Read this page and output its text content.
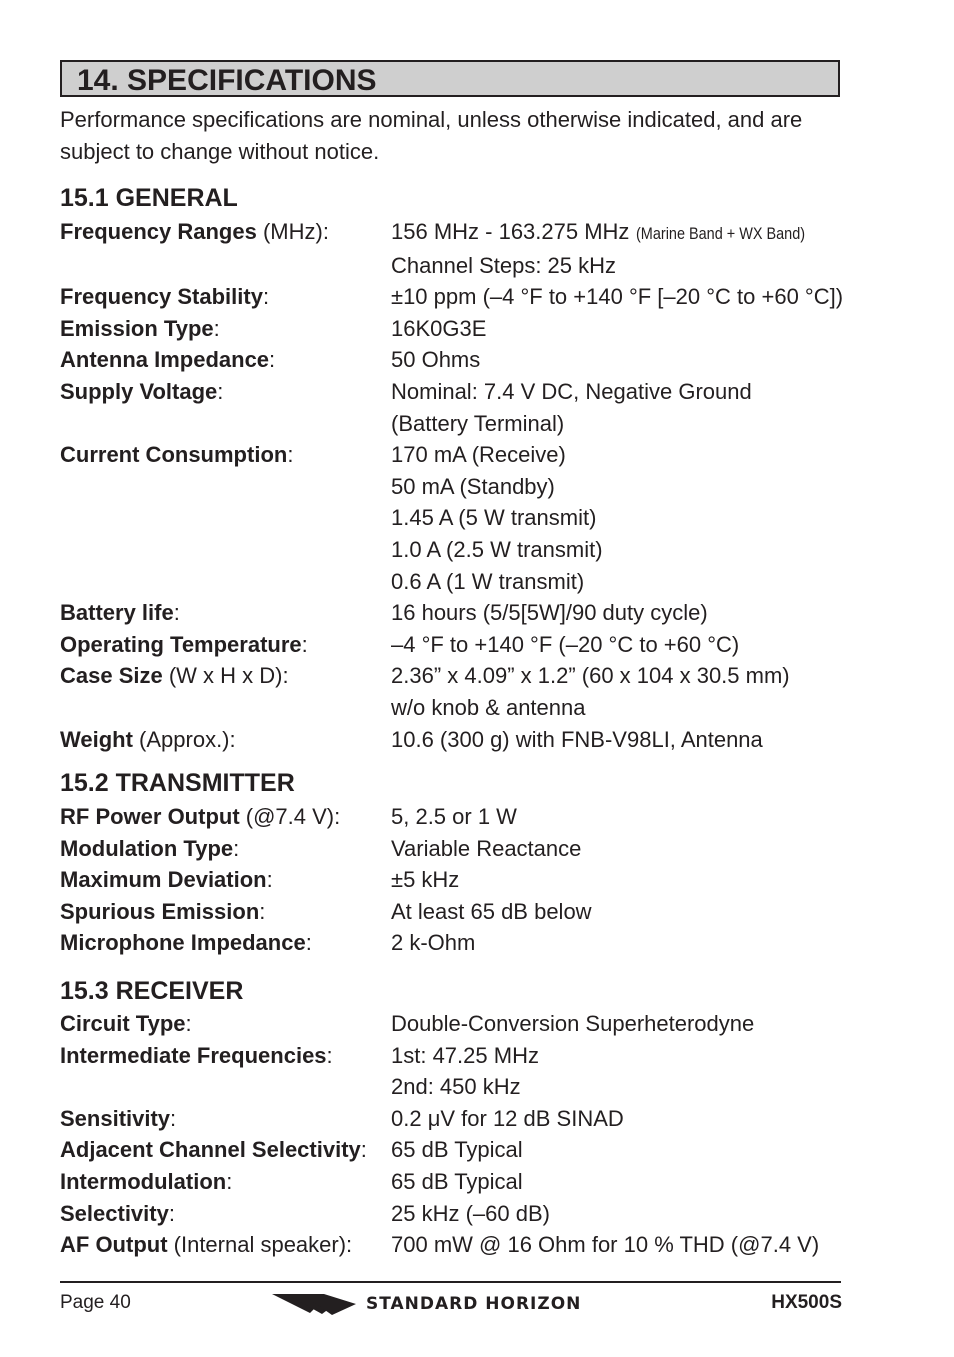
14. SPECIFICATIONS
Performance specifications are nominal, unless otherwise indicated, and are subject to change without notice.
15.1 GENERAL
Frequency Ranges (MHz):	156 MHz - 163.275 MHz (Marine Band + WX Band)
Channel Steps: 25 kHz
Frequency Stability:	±10 ppm (–4 °F to +140 °F [–20 °C to +60 °C])
Emission Type:	16K0G3E
Antenna Impedance:	50 Ohms
Supply Voltage:	Nominal: 7.4 V DC, Negative Ground
(Battery Terminal)
Current Consumption:	170 mA (Receive)
50 mA (Standby)
1.45 A (5 W transmit)
1.0 A (2.5 W transmit)
0.6 A (1 W transmit)
Battery life:	16 hours (5/5[5W]/90 duty cycle)
Operating Temperature:	–4 °F to +140 °F (–20 °C to +60 °C)
Case Size (W x H x D):	2.36” x 4.09” x 1.2” (60 x 104 x 30.5 mm)
w/o knob & antenna
Weight (Approx.):	10.6 (300 g) with FNB-V98LI, Antenna
15.2 TRANSMITTER
RF Power Output (@7.4 V):	5, 2.5 or 1 W
Modulation Type:	Variable Reactance
Maximum Deviation:	±5 kHz
Spurious Emission:	At least 65 dB below
Microphone Impedance:	2 k-Ohm
15.3 RECEIVER
Circuit Type:	Double-Conversion Superheterodyne
Intermediate Frequencies:	1st: 47.25 MHz
2nd: 450 kHz
Sensitivity:	0.2 μV for 12 dB SINAD
Adjacent Channel Selectivity:	65 dB Typical
Intermodulation:	65 dB Typical
Selectivity:	25 kHz (–60 dB)
AF Output (Internal speaker):	700 mW @ 16 Ohm for 10 % THD (@7.4 V)
Page 40	STANDARD HORIZON	HX500S
